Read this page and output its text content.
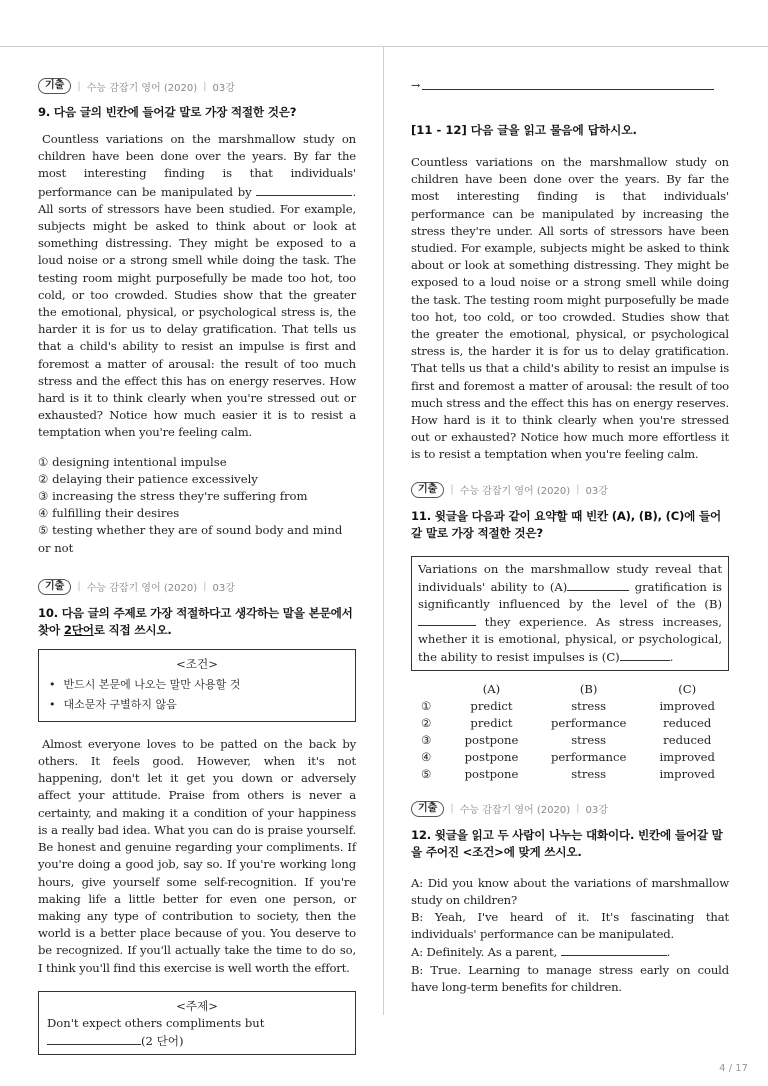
기출	| 수능 감잡기 영어 (2020) | 03강

9. 다음 글의 빈칸에 들어갈 말로 가장 적절한 것은?

Countless variations on the marshmallow study on children have been done over the years. By far the most interesting finding is that individuals' performance can be manipulated by	. All sorts of stressors have been studied. For example, subjects might be asked to think about or look at something distressing. They might be exposed to a loud noise or a strong smell while doing the task. The testing room might purposefully be made too hot, too cold, or too crowded. Studies show that the greater the emotional, physical, or psychological stress is, the harder it is for us to delay gratification. That tells us that a child's ability to resist an impulse is first and foremost a matter of arousal: the result of too much stress and the effect this has on energy reserves. How hard is it to think clearly when you're stressed out or exhausted? Notice how much easier it is to resist a temptation when you're feeling calm.

① designing intentional impulse
② delaying their patience excessively
③ increasing the stress they're suffering from
④ fulfilling their desires
⑤ testing whether they are of sound body and mind or not
기출	| 수능 감잡기 영어 (2020) | 03강

10. 다음 글의 주제로 가장 적절하다고 생각하는 말을 본문에서 찾아 2단어로 직접 쓰시오.

<조건>
• 반드시 본문에 나오는 말만 사용할 것
• 대소문자 구별하지 않음

Almost everyone loves to be patted on the back by others. It feels good. However, when it's not happening, don't let it get you down or adversely affect your attitude. Praise from others is never a certainty, and making it a condition of your happiness is a really bad idea. What you can do is praise yourself. Be honest and genuine regarding your compliments. If you're doing a good job, say so. If you're working long hours, give yourself some self-recognition. If you're making life a little better for even one person, or making any type of contribution to society, then the world is a better place because of you. You deserve to be recognized. If you'll actually take the time to do so, I think you'll find this exercise is well worth the effort.

<주제>
Don't expect others compliments but (2 단어)
→

[11 - 12] 다음 글을 읽고 물음에 답하시오.

Countless variations on the marshmallow study on children have been done over the years. By far the most interesting finding is that individuals' performance can be manipulated by increasing the stress they're under. All sorts of stressors have been studied. For example, subjects might be asked to think about or look at something distressing. They might be exposed to a loud noise or a strong smell while doing the task. The testing room might purposefully be made too hot, too cold, or too crowded. Studies show that the greater the emotional, physical, or psychological stress is, the harder it is for us to delay gratification. That tells us that a child's ability to resist an impulse is first and foremost a matter of arousal: the result of too much stress and the effect this has on energy reserves. How hard is it to think clearly when you're stressed out or exhausted? Notice how much more effortless it is to resist a temptation when you're feeling calm.

기출	| 수능 감잡기 영어 (2020) | 03강

11. 윗글을 다음과 같이 요약할 때 빈칸 (A), (B), (C)에 들어갈 말로 가장 적절한 것은?

Variations on the marshmallow study reveal that individuals' ability to (A)	gratification is significantly influenced by the level of the (B) they experience. As stress increases, whether it is emotional, physical, or psychological, the ability to resist impulses is (C)	.
	(A)	(B)	(C)
①	predict	stress	improved
②	predict	performance	reduced
③	postpone	stress	reduced
④	postpone	performance	improved
⑤	postpone	stress	improved
기출	| 수능 감잡기 영어 (2020) | 03강

12. 윗글을 읽고 두 사람이 나누는 대화이다. 빈칸에 들어갈 말을 주어진 <조건>에 맞게 쓰시오.

A: Did you know about the variations of marshmallow study on children?

B: Yeah, I've heard of it. It's fascinating that individuals' performance can be manipulated.

A: Definitely. As a parent,	.

B: True. Learning to manage stress early on could have long-term benefits for children.

4 / 17
